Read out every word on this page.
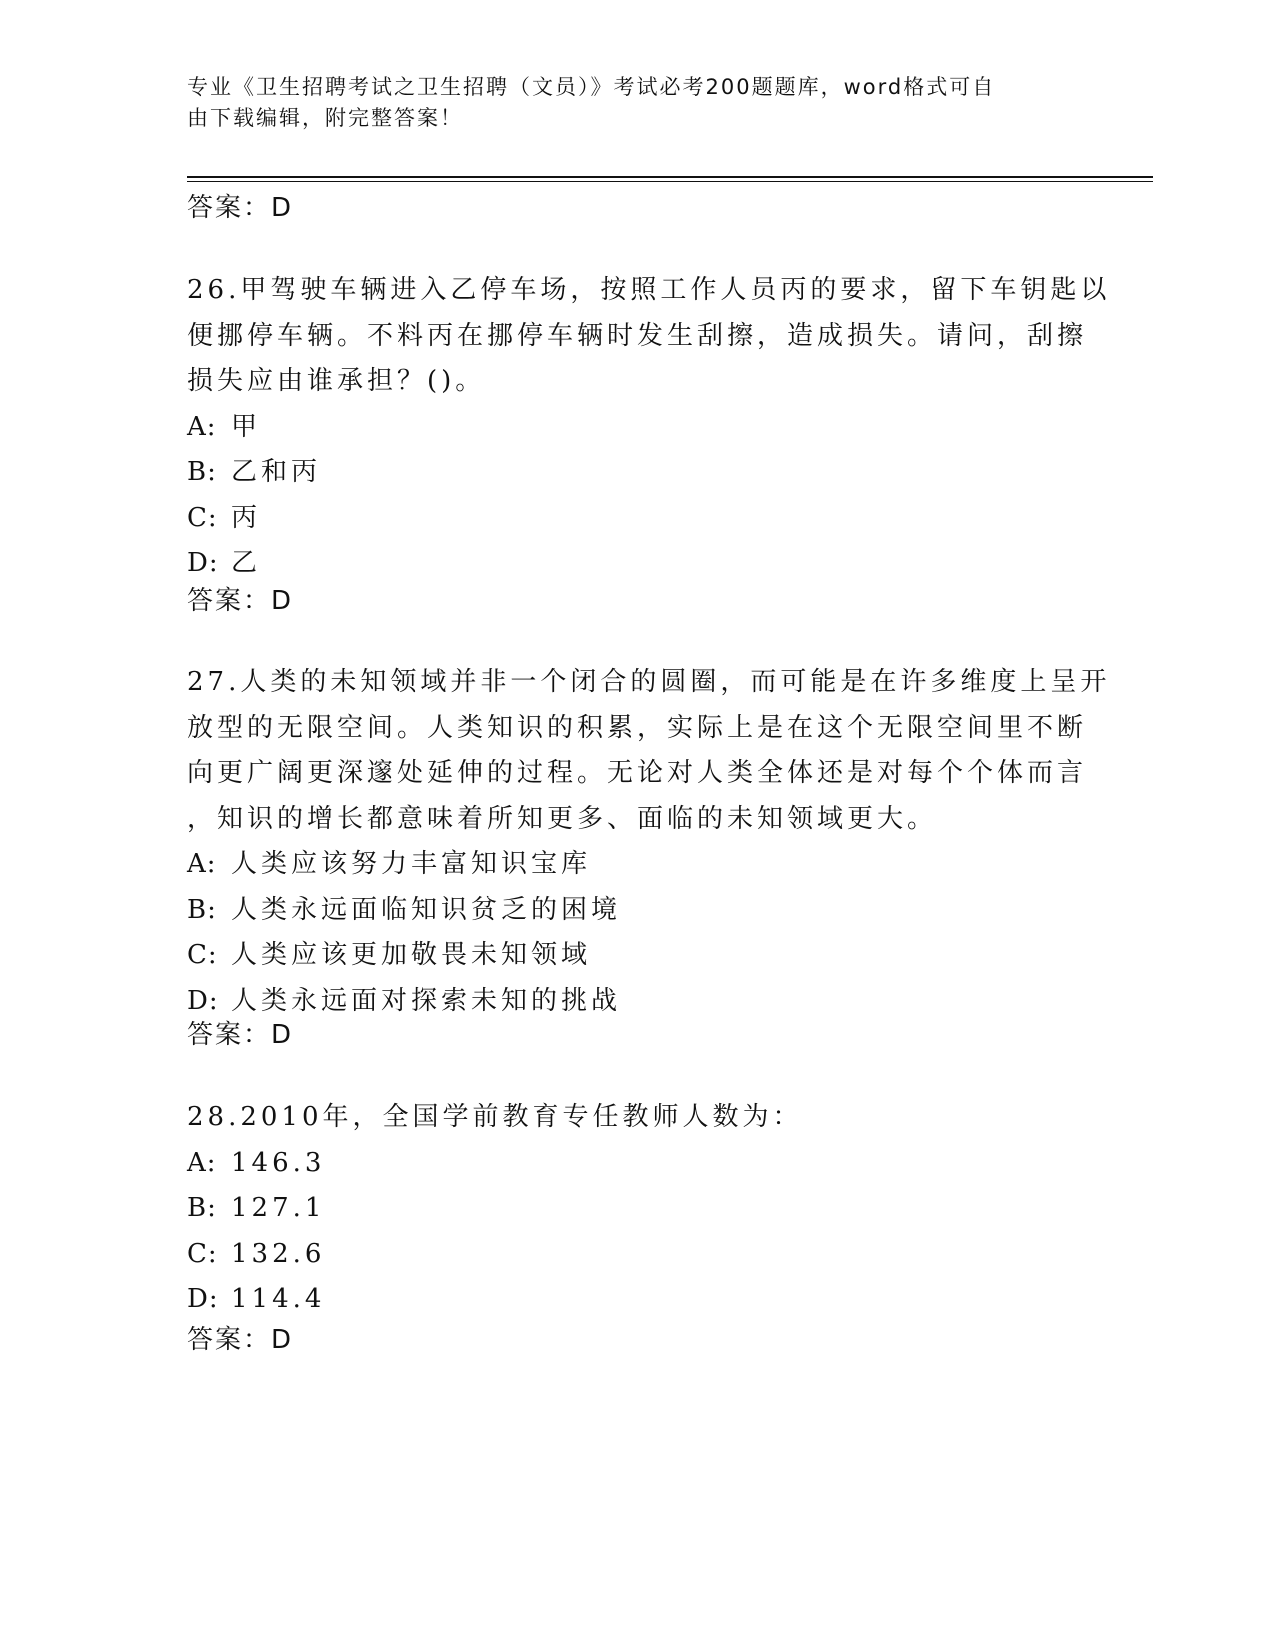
专业《卫生招聘考试之卫生招聘（文员）》考试必考200题题库，word格式可自
由下载编辑，附完整答案！
答案：D
26.甲驾驶车辆进入乙停车场，按照工作人员丙的要求，留下车钥匙以
便挪停车辆。不料丙在挪停车辆时发生刮擦，造成损失。请问，刮擦
损失应由谁承担？()。
A: 甲
B: 乙和丙
C: 丙
D: 乙
答案：D
27.人类的未知领域并非一个闭合的圆圈，而可能是在许多维度上呈开
放型的无限空间。人类知识的积累，实际上是在这个无限空间里不断
向更广阔更深邃处延伸的过程。无论对人类全体还是对每个个体而言
，知识的增长都意味着所知更多、面临的未知领域更大。
A: 人类应该努力丰富知识宝库
B: 人类永远面临知识贫乏的困境
C: 人类应该更加敬畏未知领域
D: 人类永远面对探索未知的挑战
答案：D
28.2010年，全国学前教育专任教师人数为：
A: 146.3
B: 127.1
C: 132.6
D: 114.4
答案：D
